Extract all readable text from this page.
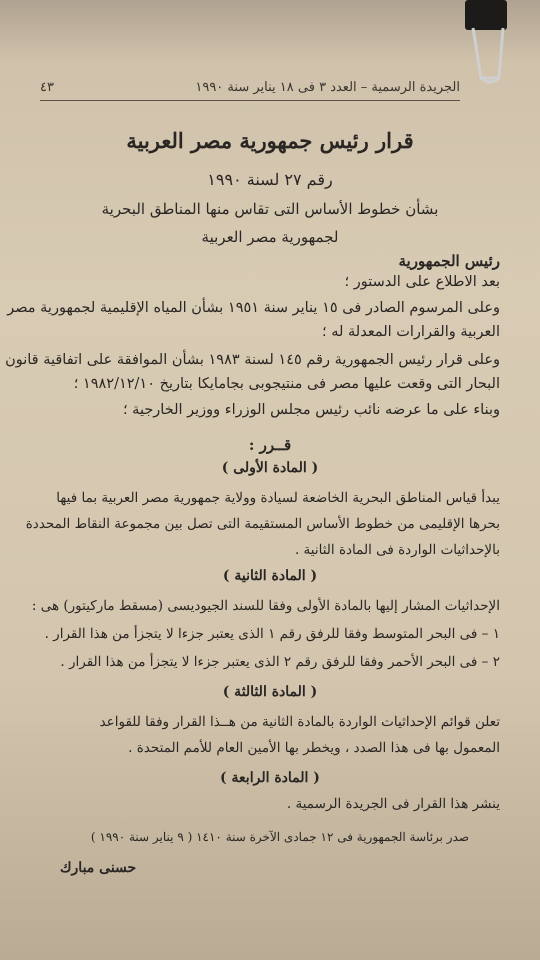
الجريدة الرسمية – العدد ٣ فى ١٨ يناير سنة ١٩٩٠
٤٣
قرار رئيس جمهورية مصر العربية
رقم ٢٧ لسنة ١٩٩٠
بشأن خطوط الأساس التى تقاس منها المناطق البحرية
لجمهورية مصر العربية
رئيس الجمهورية
بعد الاطلاع على الدستور ؛
وعلى المرسوم الصادر فى ١٥ يناير سنة ١٩٥١ بشأن المياه الإقليمية لجمهورية مصر
العربية والقرارات المعدلة له ؛
وعلى قرار رئيس الجمهورية رقم ١٤٥ لسنة ١٩٨٣ بشأن الموافقة على اتفاقية قانون
البحار التى وقعت عليها مصر فى منتيجوبى بجامايكا بتاريخ ١٩٨٢/١٢/١٠ ؛
وبناء على ما عرضه نائب رئيس مجلس الوزراء ووزير الخارجية ؛
قــرر :
( المادة الأولى )
يبدأ قياس المناطق البحرية الخاضعة لسيادة وولاية جمهورية مصر العربية بما فيها
بحرها الإقليمى من خطوط الأساس المستقيمة التى تصل بين مجموعة النقاط المحددة
بالإحداثيات الواردة فى المادة الثانية .
( المادة الثانية )
الإحداثيات المشار إليها بالمادة الأولى وفقا للسند الجيوديسى (مسقط ماركيتور) هى :
١ – فى البحر المتوسط وفقا للرفق رقم ١ الذى يعتبر جزءا لا يتجزأ من هذا القرار .
٢ – فى البحر الأحمر وفقا للرفق رقم ٢ الذى يعتبر جزءا لا يتجزأ من هذا القرار .
( المادة الثالثة )
تعلن قوائم الإحداثيات الواردة بالمادة الثانية من هــذا القرار وفقا للقواعد
المعمول بها فى هذا الصدد ، ويخطر بها الأمين العام للأمم المتحدة .
( المادة الرابعة )
ينشر هذا القرار فى الجريدة الرسمية .
صدر برئاسة الجمهورية فى ١٢ جمادى الآخرة سنة ١٤١٠ ( ٩ يناير سنة ١٩٩٠ )
حسنى مبارك
